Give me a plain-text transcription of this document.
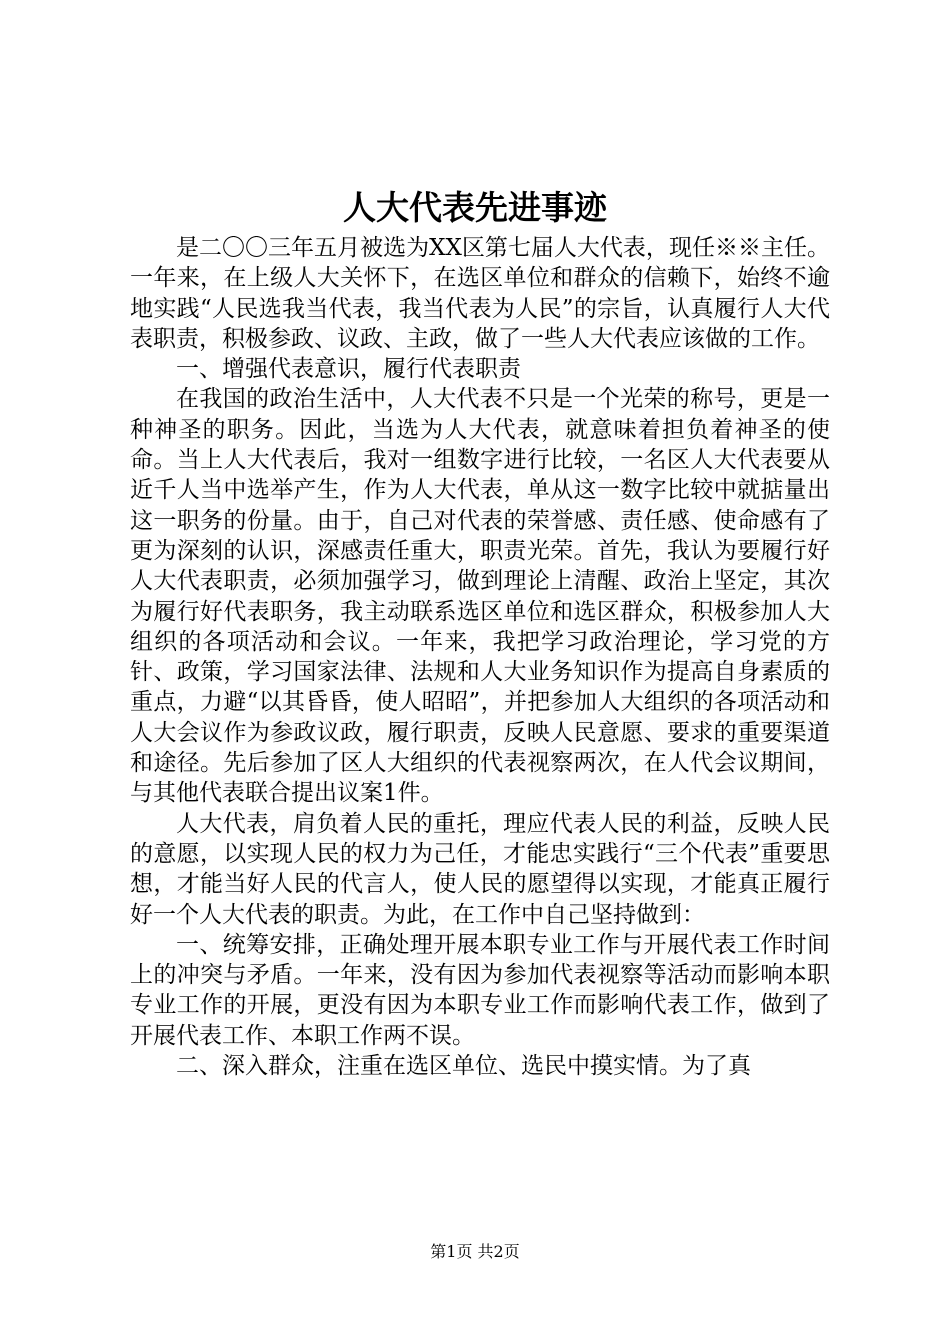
人大代表先进事迹

是二〇〇三年五月被选为XX区第七届人大代表，现任※※主任。一年来，在上级人大关怀下，在选区单位和群众的信赖下，始终不逾地实践“人民选我当代表，我当代表为人民”的宗旨，认真履行人大代表职责，积极参政、议政、主政，做了一些人大代表应该做的工作。

一、增强代表意识，履行代表职责

在我国的政治生活中，人大代表不只是一个光荣的称号，更是一种神圣的职务。因此，当选为人大代表，就意味着担负着神圣的使命。当上人大代表后，我对一组数字进行比较，一名区人大代表要从近千人当中选举产生，作为人大代表，单从这一数字比较中就掂量出这一职务的份量。由于，自己对代表的荣誉感、责任感、使命感有了更为深刻的认识，深感责任重大，职责光荣。首先，我认为要履行好人大代表职责，必须加强学习，做到理论上清醒、政治上坚定，其次为履行好代表职务，我主动联系选区单位和选区群众，积极参加人大组织的各项活动和会议。一年来，我把学习政治理论，学习党的方针、政策，学习国家法律、法规和人大业务知识作为提高自身素质的重点，力避“以其昏昏，使人昭昭”，并把参加人大组织的各项活动和人大会议作为参政议政，履行职责，反映人民意愿、要求的重要渠道和途径。先后参加了区人大组织的代表视察两次，在人代会议期间，与其他代表联合提出议案1件。

人大代表，肩负着人民的重托，理应代表人民的利益，反映人民的意愿，以实现人民的权力为己任，才能忠实践行“三个代表”重要思想，才能当好人民的代言人，使人民的愿望得以实现，才能真正履行好一个人大代表的职责。为此，在工作中自己坚持做到：

一、统筹安排，正确处理开展本职专业工作与开展代表工作时间上的冲突与矛盾。一年来，没有因为参加代表视察等活动而影响本职专业工作的开展，更没有因为本职专业工作而影响代表工作，做到了开展代表工作、本职工作两不误。

二、深入群众，注重在选区单位、选民中摸实情。为了真

第1页 共2页
